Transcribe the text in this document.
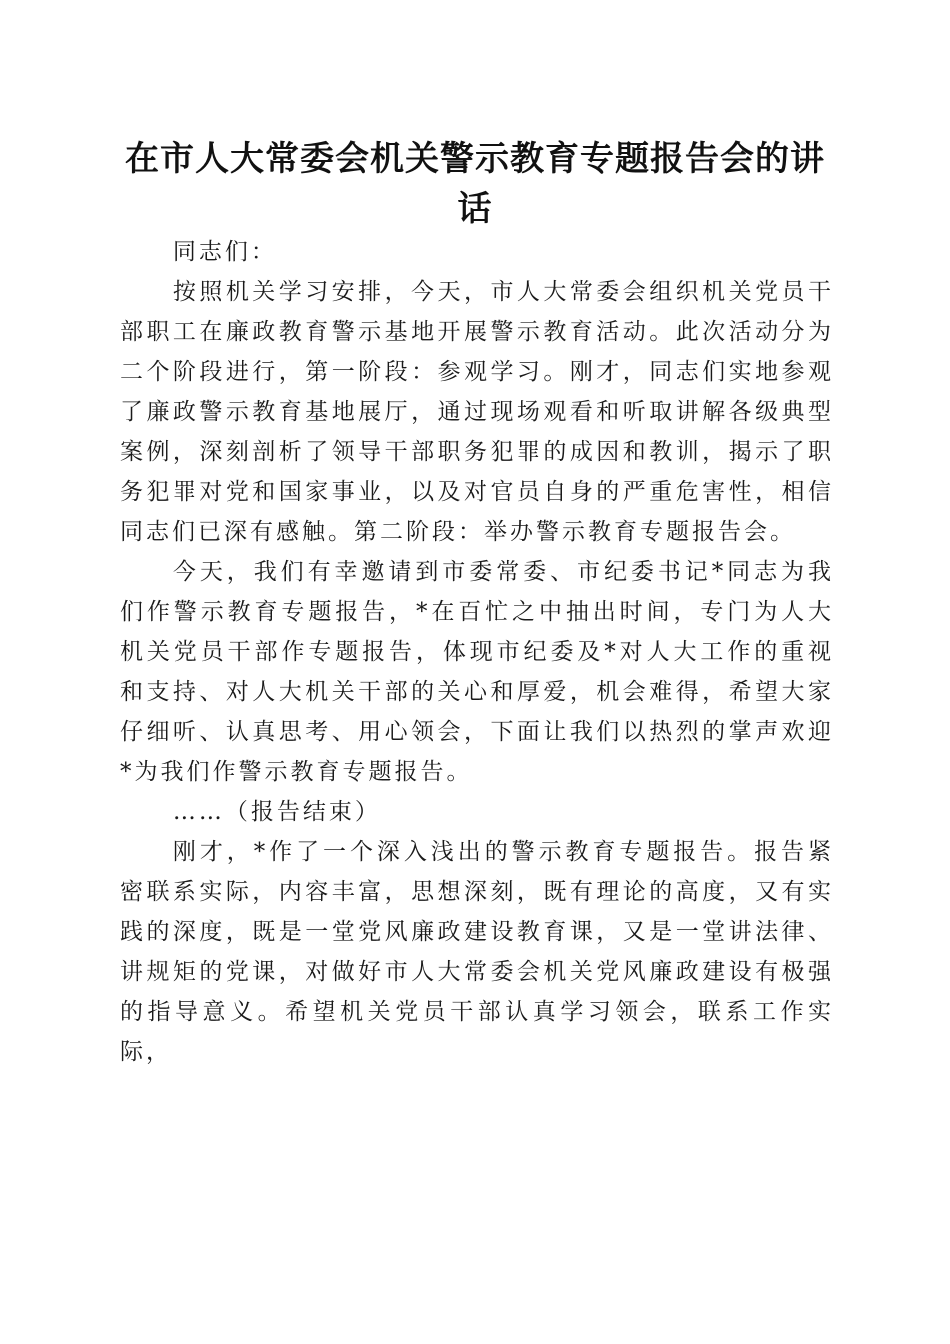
在市人大常委会机关警示教育专题报告会的讲话

同志们：

按照机关学习安排，今天，市人大常委会组织机关党员干部职工在廉政教育警示基地开展警示教育活动。此次活动分为二个阶段进行，第一阶段：参观学习。刚才，同志们实地参观了廉政警示教育基地展厅，通过现场观看和听取讲解各级典型案例，深刻剖析了领导干部职务犯罪的成因和教训，揭示了职务犯罪对党和国家事业，以及对官员自身的严重危害性，相信同志们已深有感触。第二阶段：举办警示教育专题报告会。

今天，我们有幸邀请到市委常委、市纪委书记*同志为我们作警示教育专题报告，*在百忙之中抽出时间，专门为人大机关党员干部作专题报告，体现市纪委及*对人大工作的重视和支持、对人大机关干部的关心和厚爱，机会难得，希望大家仔细听、认真思考、用心领会，下面让我们以热烈的掌声欢迎*为我们作警示教育专题报告。

……（报告结束）

刚才，*作了一个深入浅出的警示教育专题报告。报告紧密联系实际，内容丰富，思想深刻，既有理论的高度，又有实践的深度，既是一堂党风廉政建设教育课，又是一堂讲法律、讲规矩的党课，对做好市人大常委会机关党风廉政建设有极强的指导意义。希望机关党员干部认真学习领会，联系工作实际，
